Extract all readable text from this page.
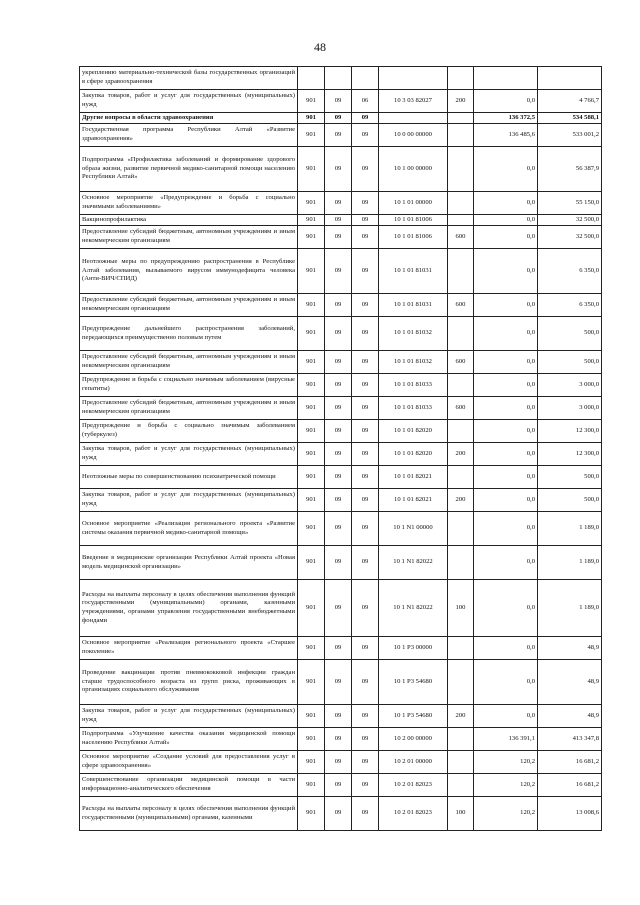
48
укреплению материально-технической базы государственных организаций в сфере здравоохранения							
Закупка товаров, работ и услуг для государственных (муниципальных) нужд	901	09	06	10 3 03 82027	200	0,0	4 766,7
Другие вопросы в области здравоохранения	901	09	09			136 372,5	534 588,1
Государственная программа Республики Алтай «Развитие здравоохранения»	901	09	09	10 0 00 00000		136 485,6	533 001,2
Подпрограмма «Профилактика заболеваний и формирование здорового образа жизни, развитие первичной медико-санитарной помощи населению Республики Алтай»	901	09	09	10 1 00 00000		0,0	56 387,9
Основное мероприятие «Предупреждение и борьба с социально значимыми заболеваниями»	901	09	09	10 1 01 00000		0,0	55 150,0
Вакцинопрофилактика	901	09	09	10 1 01 81006		0,0	32 500,0
Предоставление субсидий бюджетным, автономным учреждениям и иным некоммерческим организациям	901	09	09	10 1 01 81006	600	0,0	32 500,0
Неотложные меры по предупреждению распространения в Республике Алтай заболевания, вызываемого вирусом иммунодефицита человека (Анти-ВИЧ/СПИД)	901	09	09	10 1 01 81031		0,0	6 350,0
Предоставление субсидий бюджетным, автономным учреждениям и иным некоммерческим организациям	901	09	09	10 1 01 81031	600	0,0	6 350,0
Предупреждение дальнейшего распространения заболеваний, передающихся преимущественно половым путем	901	09	09	10 1 01 81032		0,0	500,0
Предоставление субсидий бюджетным, автономным учреждениям и иным некоммерческим организациям	901	09	09	10 1 01 81032	600	0,0	500,0
Предупреждение и борьба с социально значимым заболеванием (вирусные гепатиты)	901	09	09	10 1 01 81033		0,0	3 000,0
Предоставление субсидий бюджетным, автономным учреждениям и иным некоммерческим организациям	901	09	09	10 1 01 81033	600	0,0	3 000,0
Предупреждение и борьба с социально значимым заболеванием (туберкулез)	901	09	09	10 1 01 82020		0,0	12 300,0
Закупка товаров, работ и услуг для государственных (муниципальных) нужд	901	09	09	10 1 01 82020	200	0,0	12 300,0
Неотложные меры по совершенствованию психиатрической помощи	901	09	09	10 1 01 82021		0,0	500,0
Закупка товаров, работ и услуг для государственных (муниципальных) нужд	901	09	09	10 1 01 82021	200	0,0	500,0
Основное мероприятие «Реализация регионального проекта «Развитие системы оказания первичной медико-санитарной помощи»	901	09	09	10 1 N1 00000		0,0	1 189,0
Введение в медицинские организации Республики Алтай проекта «Новая модель медицинской организации»	901	09	09	10 1 N1 82022		0,0	1 189,0
Расходы на выплаты персоналу в целях обеспечения выполнения функций государственными (муниципальными) органами, казенными учреждениями, органами управления государственными внебюджетными фондами	901	09	09	10 1 N1 82022	100	0,0	1 189,0
Основное мероприятие «Реализация регионального проекта «Старшее поколение»	901	09	09	10 1 P3 00000		0,0	48,9
Проведение вакцинации против пневмококковой инфекции граждан старше трудоспособного возраста из групп риска, проживающих в организациях социального обслуживания	901	09	09	10 1 P3 54680		0,0	48,9
Закупка товаров, работ и услуг для государственных (муниципальных) нужд	901	09	09	10 1 P3 54680	200	0,0	48,9
Подпрограмма «Улучшение качества оказания медицинской помощи населению Республики Алтай»	901	09	09	10 2 00 00000		136 391,1	413 347,8
Основное мероприятие «Создание условий для предоставления услуг в сфере здравоохранения»	901	09	09	10 2 01 00000		120,2	16 681,2
Совершенствование организации медицинской помощи в части информационно-аналитического обеспечения	901	09	09	10 2 01 82023		120,2	16 681,2
Расходы на выплаты персоналу в целях обеспечения выполнения функций государственными (муниципальными) органами, казенными	901	09	09	10 2 01 82023	100	120,2	13 008,6
